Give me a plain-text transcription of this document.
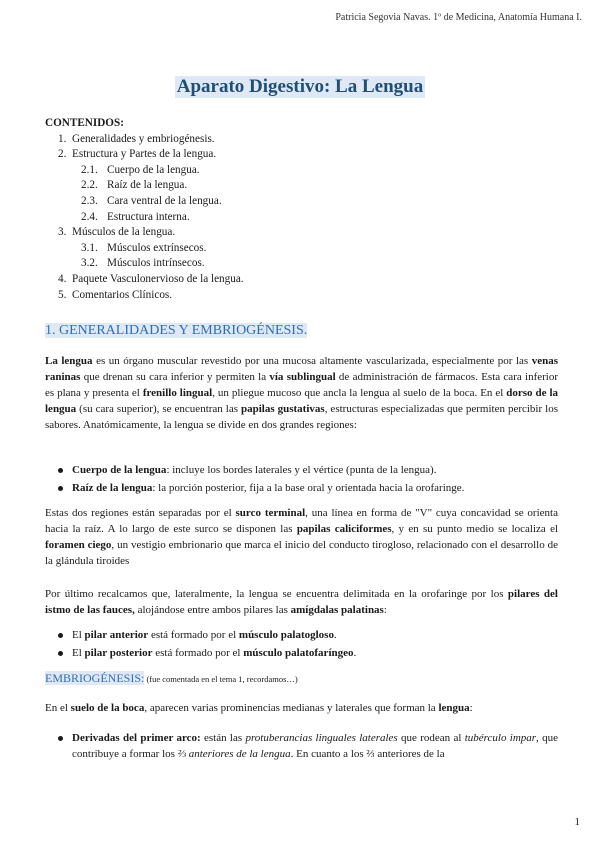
Patricia Segovia Navas. 1º de Medicina, Anatomía Humana I.
Aparato Digestivo: La Lengua
CONTENIDOS:
1. Generalidades y embriogénesis.
2. Estructura y Partes de la lengua.
2.1. Cuerpo de la lengua.
2.2. Raíz de la lengua.
2.3. Cara ventral de la lengua.
2.4. Estructura interna.
3. Músculos de la lengua.
3.1. Músculos extrínsecos.
3.2. Músculos intrínsecos.
4. Paquete Vasculonervioso de la lengua.
5. Comentarios Clínicos.
1. GENERALIDADES Y EMBRIOGÉNESIS.
La lengua es un órgano muscular revestido por una mucosa altamente vascularizada, especialmente por las venas raninas que drenan su cara inferior y permiten la vía sublingual de administración de fármacos. Esta cara inferior es plana y presenta el frenillo lingual, un pliegue mucoso que ancla la lengua al suelo de la boca. En el dorso de la lengua (su cara superior), se encuentran las papilas gustativas, estructuras especializadas que permiten percibir los sabores. Anatómicamente, la lengua se divide en dos grandes regiones:
Cuerpo de la lengua: incluye los bordes laterales y el vértice (punta de la lengua).
Raíz de la lengua: la porción posterior, fija a la base oral y orientada hacia la orofaringe.
Estas dos regiones están separadas por el surco terminal, una línea en forma de "V" cuya concavidad se orienta hacia la raíz. A lo largo de este surco se disponen las papilas caliciformes, y en su punto medio se localiza el foramen ciego, un vestigio embrionario que marca el inicio del conducto tirogloso, relacionado con el desarrollo de la glándula tiroides
Por último recalcamos que, lateralmente, la lengua se encuentra delimitada en la orofaringe por los pilares del istmo de las fauces, alojándose entre ambos pilares las amígdalas palatinas:
El pilar anterior está formado por el músculo palatogloso.
El pilar posterior está formado por el músculo palatofaríngeo.
EMBRIOGÉNESIS: (fue comentada en el tema 1, recordamos…)
En el suelo de la boca, aparecen varias prominencias medianas y laterales que forman la lengua:
Derivadas del primer arco: están las protuberancias linguales laterales que rodean al tubérculo impar, que contribuye a formar los ⅔ anteriores de la lengua. En cuanto a los ⅔ anteriores de la
1
